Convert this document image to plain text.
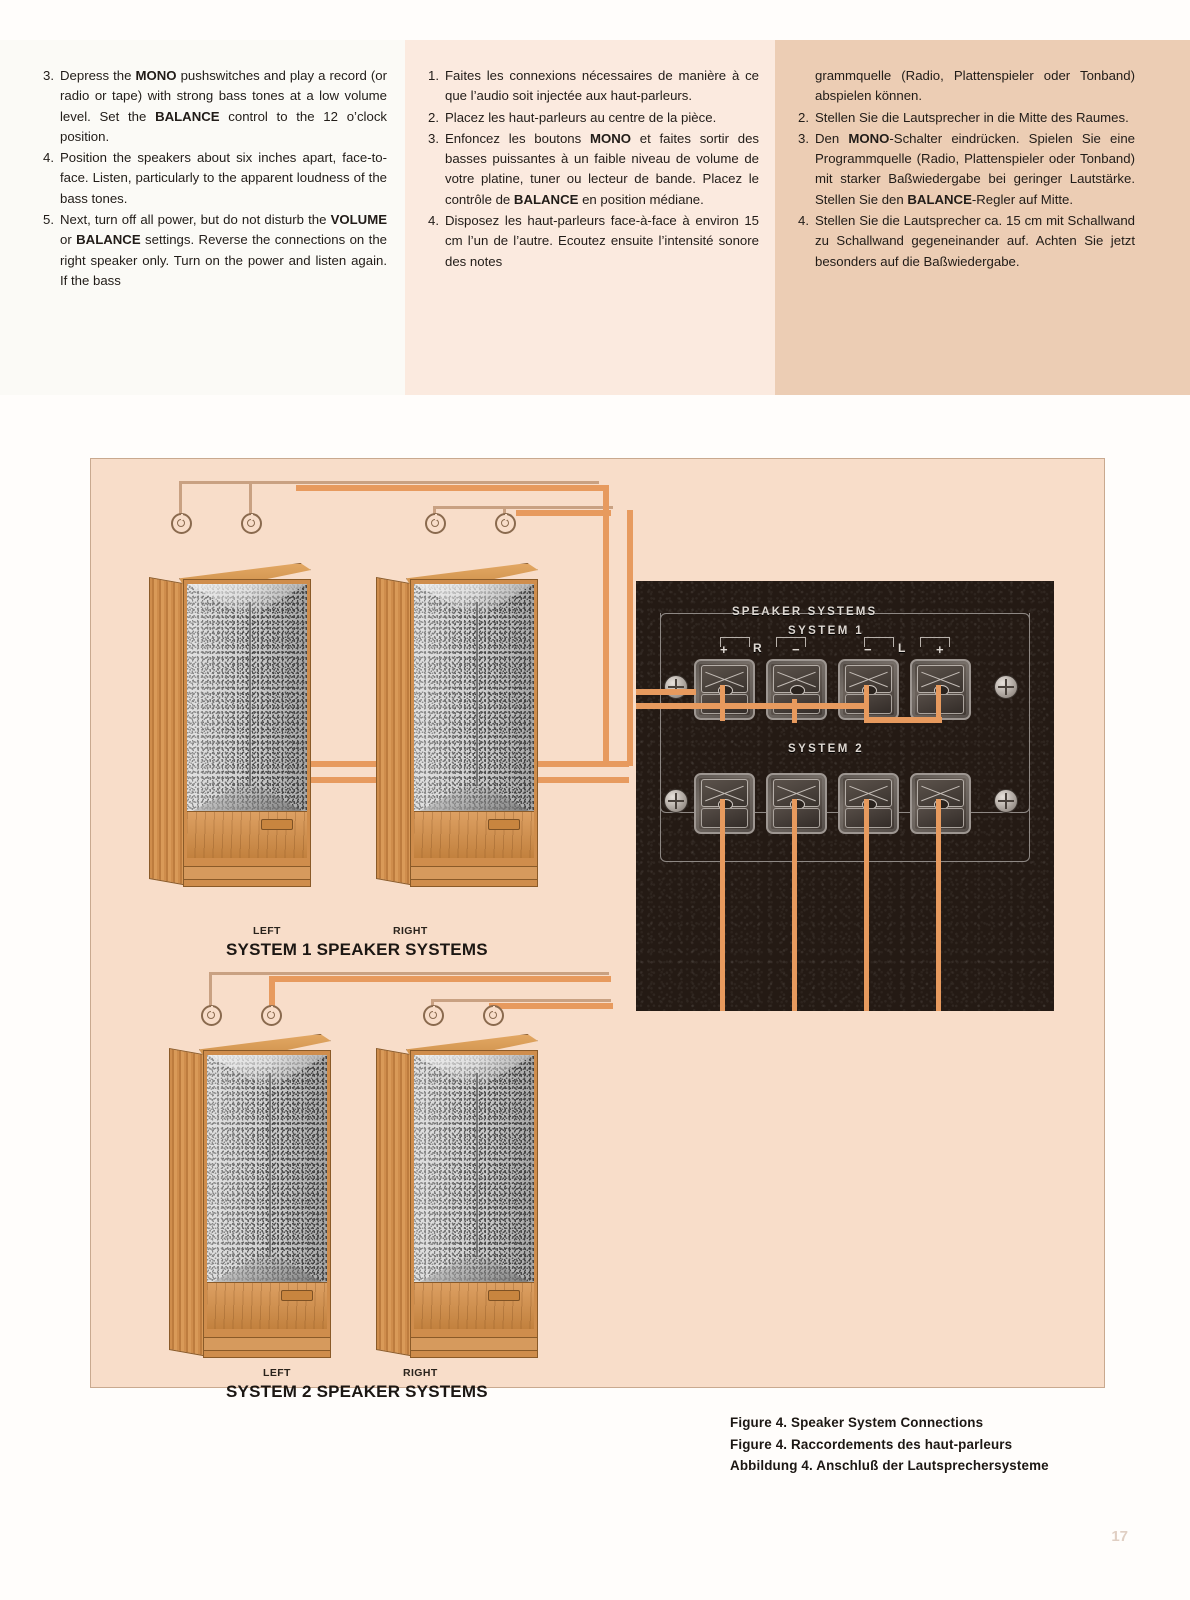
3. Depress the MONO pushswitches and play a record (or radio or tape) with strong bass tones at a low volume level. Set the BALANCE control to the 12 o’clock position.
4. Position the speakers about six inches apart, face-to-face. Listen, particularly to the apparent loudness of the bass tones.
5. Next, turn off all power, but do not disturb the VOLUME or BALANCE settings. Reverse the connections on the right speaker only. Turn on the power and listen again. If the bass
1. Faites les connexions nécessaires de manière à ce que l’audio soit injectée aux haut-parleurs.
2. Placez les haut-parleurs au centre de la pièce.
3. Enfoncez les boutons MONO et faites sortir des basses puissantes à un faible niveau de volume de votre platine, tuner ou lecteur de bande. Placez le contrôle de BALANCE en position médiane.
4. Disposez les haut-parleurs face-à-face à environ 15 cm l’un de l’autre. Ecoutez ensuite l’intensité sonore des notes

grammquelle (Radio, Plattenspieler oder Tonband) abspielen können.

2. Stellen Sie die Lautsprecher in die Mitte des Raumes.
3. Den MONO-Schalter eindrücken. Spielen Sie eine Programmquelle (Radio, Plattenspieler oder Tonband) mit starker Baßwiedergabe bei geringer Lautstärke. Stellen Sie den BALANCE-Regler auf Mitte.
4. Stellen Sie die Lautsprecher ca. 15 cm mit Schallwand zu Schallwand gegeneinander auf. Achten Sie jetzt besonders auf die Baßwiedergabe.
SPEAKER SYSTEMS
SYSTEM 1
SYSTEM 2
R	L
+	−	−	+
LEFT	RIGHT
SYSTEM 1 SPEAKER SYSTEMS
LEFT	RIGHT
SYSTEM 2 SPEAKER SYSTEMS
Figure 4. Speaker System Connections
Figure 4. Raccordements des haut-parleurs
Abbildung 4. Anschluß der Lautsprechersysteme
17
